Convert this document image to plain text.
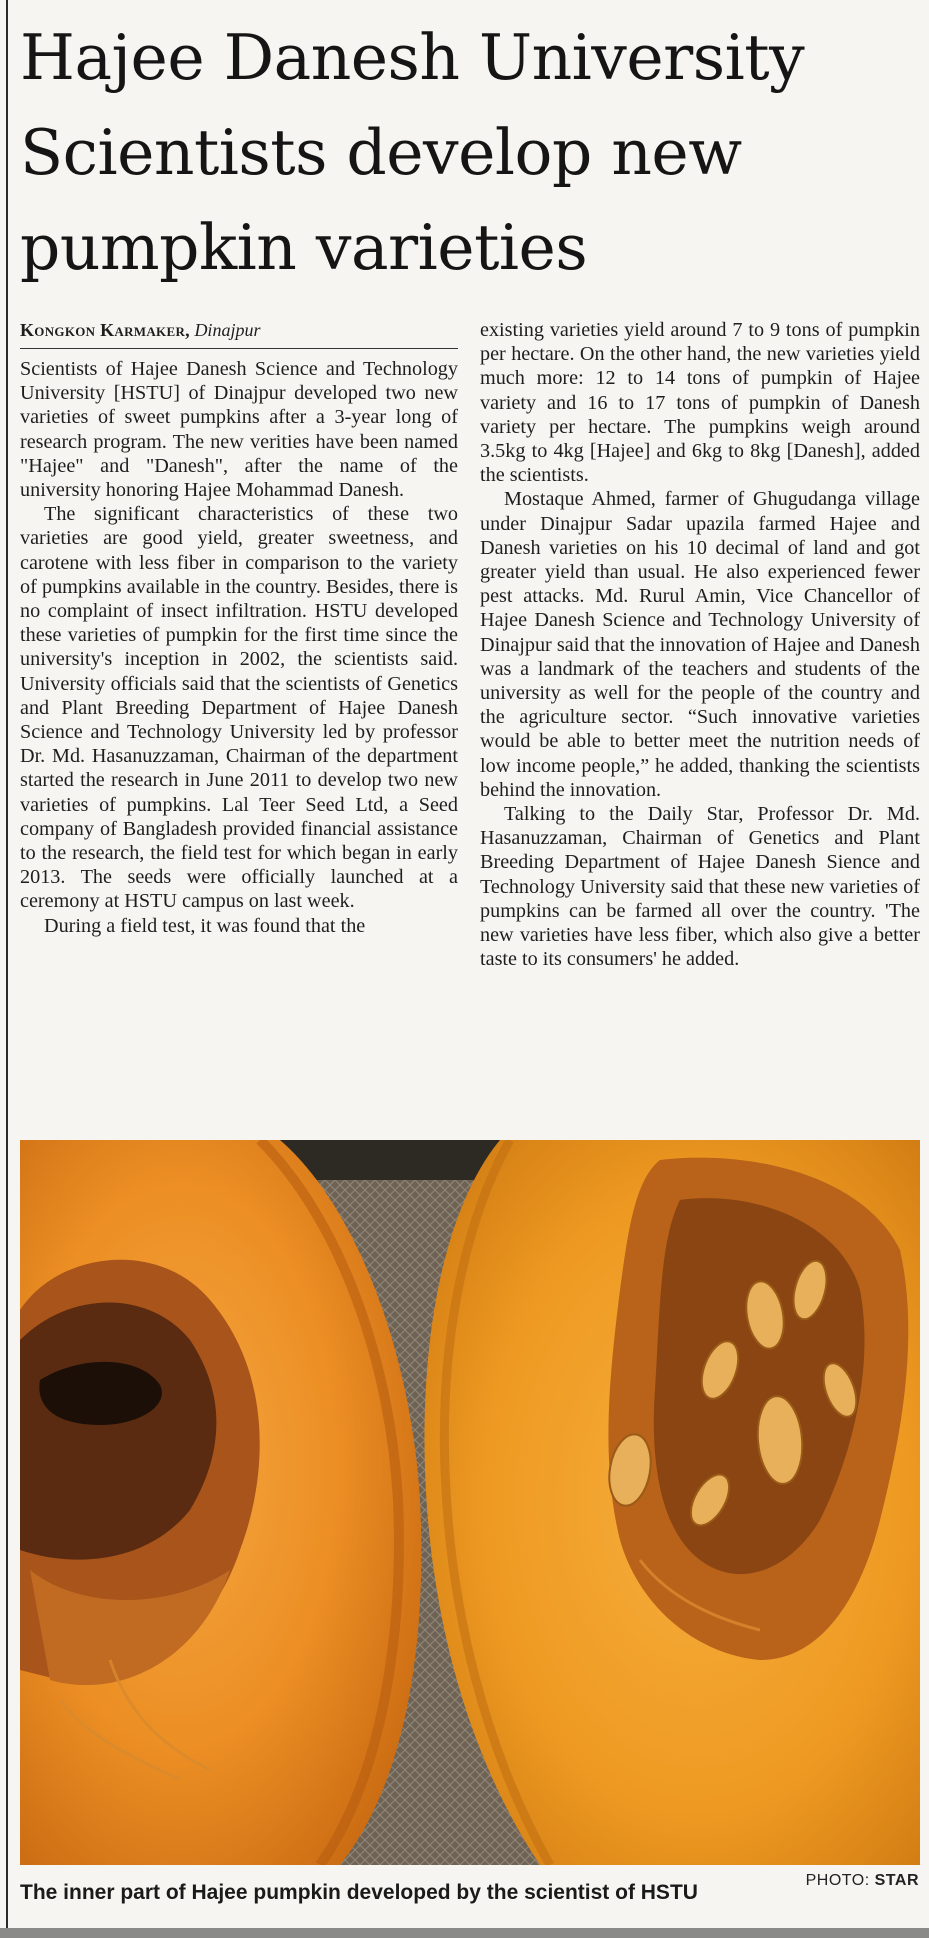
Hajee Danesh University Scientists develop new pumpkin varieties
Kongkon Karmaker, Dinajpur

Scientists of Hajee Danesh Science and Technology University [HSTU] of Dinajpur developed two new varieties of sweet pumpkins after a 3-year long of research program. The new verities have been named "Hajee" and "Danesh", after the name of the university honoring Hajee Mohammad Danesh.

The significant characteristics of these two varieties are good yield, greater sweetness, and carotene with less fiber in comparison to the variety of pumpkins available in the country. Besides, there is no complaint of insect infiltration. HSTU developed these varieties of pumpkin for the first time since the university's inception in 2002, the scientists said. University officials said that the scientists of Genetics and Plant Breeding Department of Hajee Danesh Science and Technology University led by professor Dr. Md. Hasanuzzaman, Chairman of the department started the research in June 2011 to develop two new varieties of pumpkins. Lal Teer Seed Ltd, a Seed company of Bangladesh provided financial assistance to the research, the field test for which began in early 2013. The seeds were officially launched at a ceremony at HSTU campus on last week.

During a field test, it was found that the

existing varieties yield around 7 to 9 tons of pumpkin per hectare. On the other hand, the new varieties yield much more: 12 to 14 tons of pumpkin of Hajee variety and 16 to 17 tons of pumpkin of Danesh variety per hectare. The pumpkins weigh around 3.5kg to 4kg [Hajee] and 6kg to 8kg [Danesh], added the scientists.

Mostaque Ahmed, farmer of Ghugudanga village under Dinajpur Sadar upazila farmed Hajee and Danesh varieties on his 10 decimal of land and got greater yield than usual. He also experienced fewer pest attacks. Md. Rurul Amin, Vice Chancellor of Hajee Danesh Science and Technology University of Dinajpur said that the innovation of Hajee and Danesh was a landmark of the teachers and students of the university as well for the people of the country and the agriculture sector. “Such innovative varieties would be able to better meet the nutrition needs of low income people,” he added, thanking the scientists behind the innovation.

Talking to the Daily Star, Professor Dr. Md. Hasanuzzaman, Chairman of Genetics and Plant Breeding Department of Hajee Danesh Sience and Technology University said that these new varieties of pumpkins can be farmed all over the country. 'The new varieties have less fiber, which also give a better taste to its consumers' he added.

PHOTO: STAR
The inner part of Hajee pumpkin developed by the scientist of HSTU
